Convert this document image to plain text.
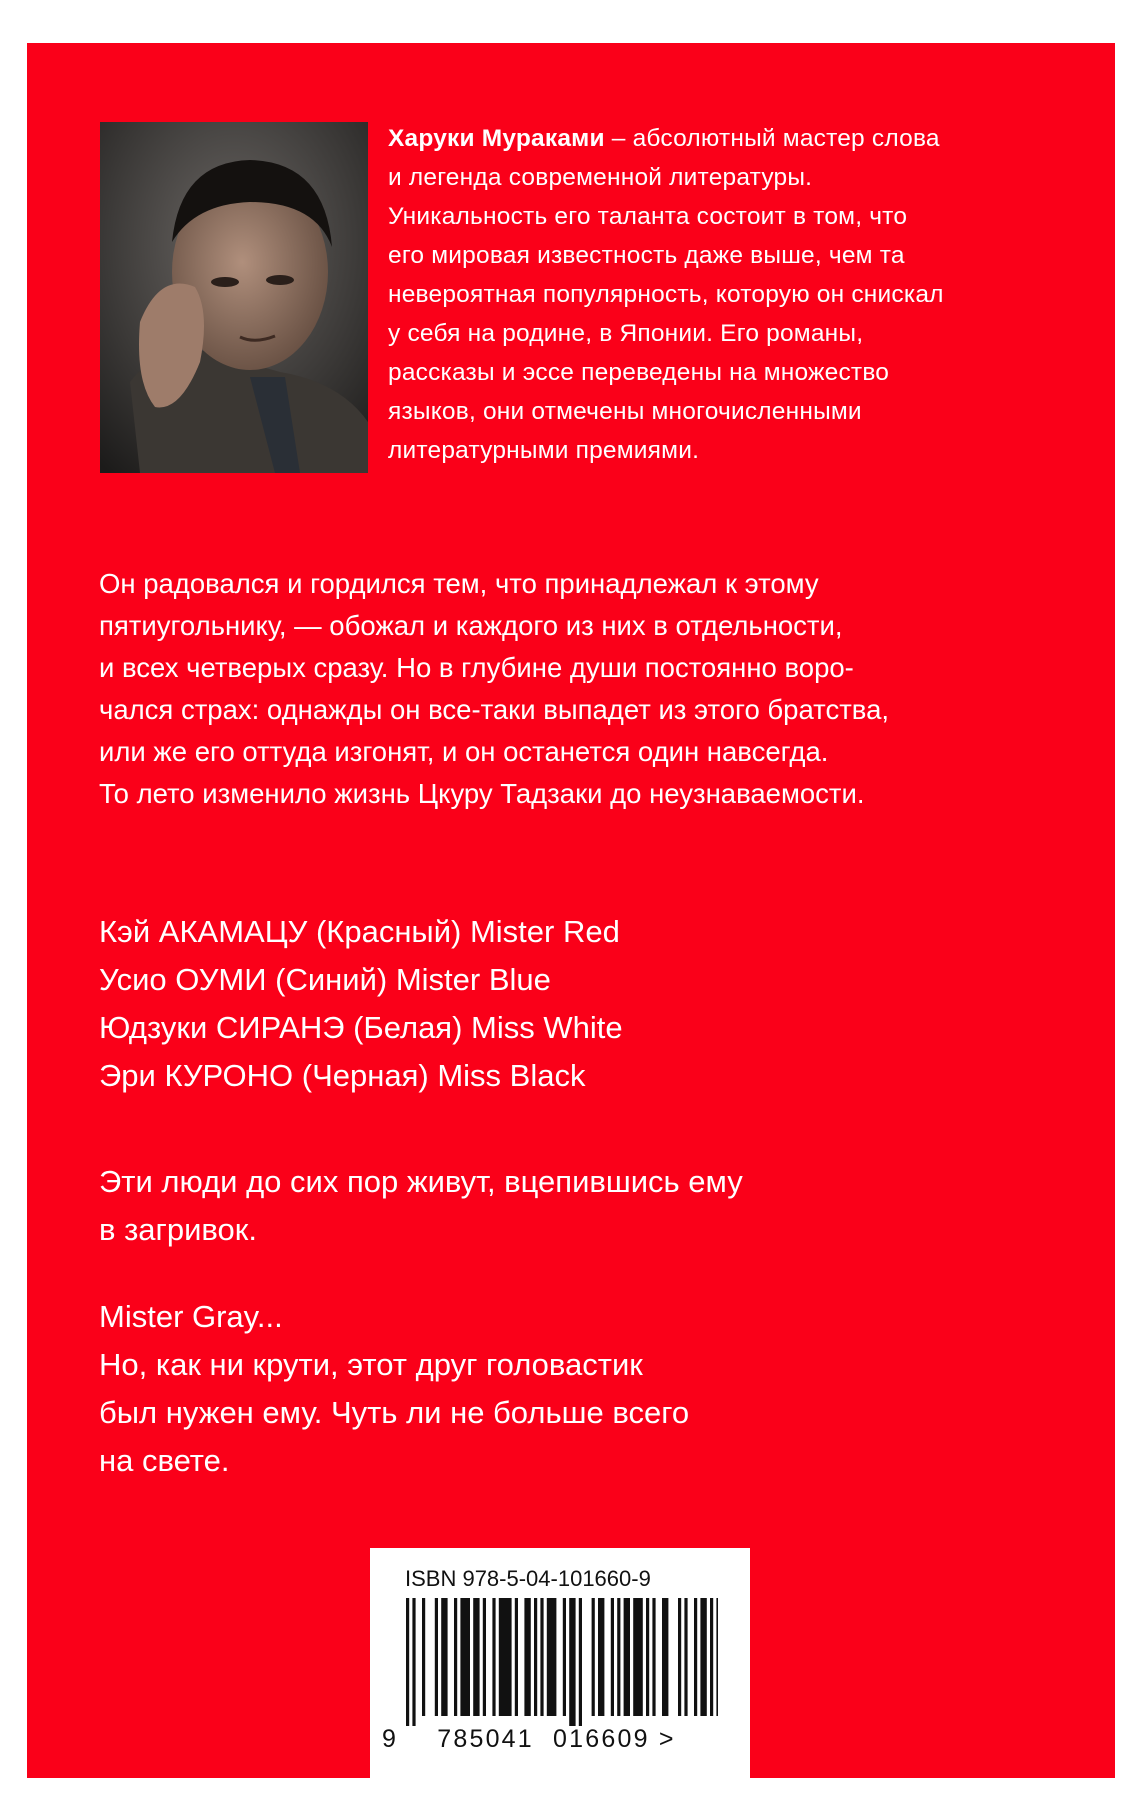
Харуки Мураками – абсолютный мастер слова
и легенда современной литературы.
Уникальность его таланта состоит в том, что
его мировая известность даже выше, чем та
невероятная популярность, которую он снискал
у себя на родине, в Японии. Его романы,
рассказы и эссе переведены на множество
языков, они отмечены многочисленными
литературными премиями.
Он радовался и гордился тем, что принадлежал к этому
пятиугольнику, — обожал и каждого из них в отдельности,
и всех четверых сразу. Но в глубине души постоянно воро-
чался страх: однажды он все-таки выпадет из этого братства,
или же его оттуда изгонят, и он останется один навсегда.
То лето изменило жизнь Цкуру Тадзаки до неузнаваемости.
Кэй АКАМАЦУ (Красный) Mister Red
Усио ОУМИ (Синий) Mister Blue
Юдзуки СИРАНЭ (Белая) Miss White
Эри КУРОНО (Черная) Miss Black
Эти люди до сих пор живут, вцепившись ему
в загривок.
Mister Gray...
Но, как ни крути, этот друг головастик
был нужен ему. Чуть ли не больше всего
на свете.
ISBN 978-5-04-101660-9
9 785041 016609 >
